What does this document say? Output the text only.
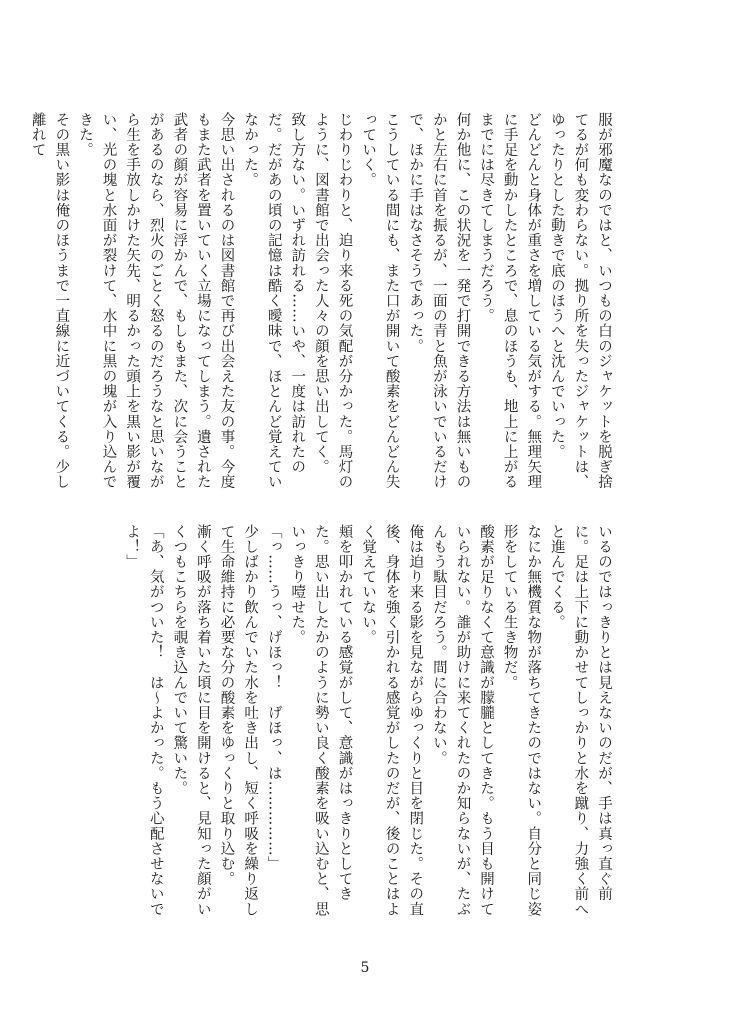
服が邪魔なのではと、いつもの白のジャケットを脱ぎ捨てるが何も変わらない。拠り所を失ったジャケットは、ゆったりとした動きで底のほうへと沈んでいった。

どんどんと身体が重さを増している気がする。無理矢理に手足を動かしたところで、息のほうも、地上に上がるまでには尽きてしまうだろう。

何か他に、この状況を一発で打開できる方法は無いものかと左右に首を振るが、一面の青と魚が泳いでいるだけで、ほかに手はなさそうであった。

こうしている間にも、また口が開いて酸素をどんどん失っていく。

じわりじわりと、迫り来る死の気配が分かった。馬灯のように、図書館で出会った人々の顔を思い出してく。

致し方ない。いずれ訪れる……いや、一度は訪れたのだ。だがあの頃の記憶は酷く曖昧で、ほとんど覚えていなかった。

今思い出されるのは図書館で再び出会えた友の事。今度もまた武者を置いていく立場になってしまう。遺された武者の顔が容易に浮かんで、もしもまた、次に会うことがあるのなら、烈火のごとく怒るのだろうなと思いながら生を手放しかけた矢先、明るかった頭上を黒い影が覆い、光の塊と水面が裂けて、水中に黒の塊が入り込んできた。

その黒い影は俺のほうまで一直線に近づいてくる。少し離れて

いるのではっきりとは見えないのだが、手は真っ直ぐ前に。足は上下に動かせてしっかりと水を蹴り、力強く前へと進んでくる。

なにか無機質な物が落ちてきたのではない。自分と同じ姿形をしている生き物だ。

酸素が足りなくて意識が朦朧としてきた。もう目も開けていられない。誰が助けに来てくれたのか知らないが、たぶんもう駄目だろう。間に合わない。

俺は迫り来る影を見ながらゆっくりと目を閉じた。その直後、身体を強く引かれる感覚がしたのだが、後のことはよく覚えていない。

頬を叩かれている感覚がして、意識がはっきりとしてきた。思い出したかのように勢い良く酸素を吸い込むと、思いっきり噎せた。

「っ……うっ、げほっ！　げほっ、は……………」

少しばかり飲んでいた水を吐き出し、短く呼吸を繰り返して生命維持に必要な分の酸素をゆっくりと取り込む。

漸く呼吸が落ち着いた頃に目を開けると、見知った顔がいくつもこちらを覗き込んでいて驚いた。

「あ、気がついた！　は～よかった。もう心配させないでよ！」

5
